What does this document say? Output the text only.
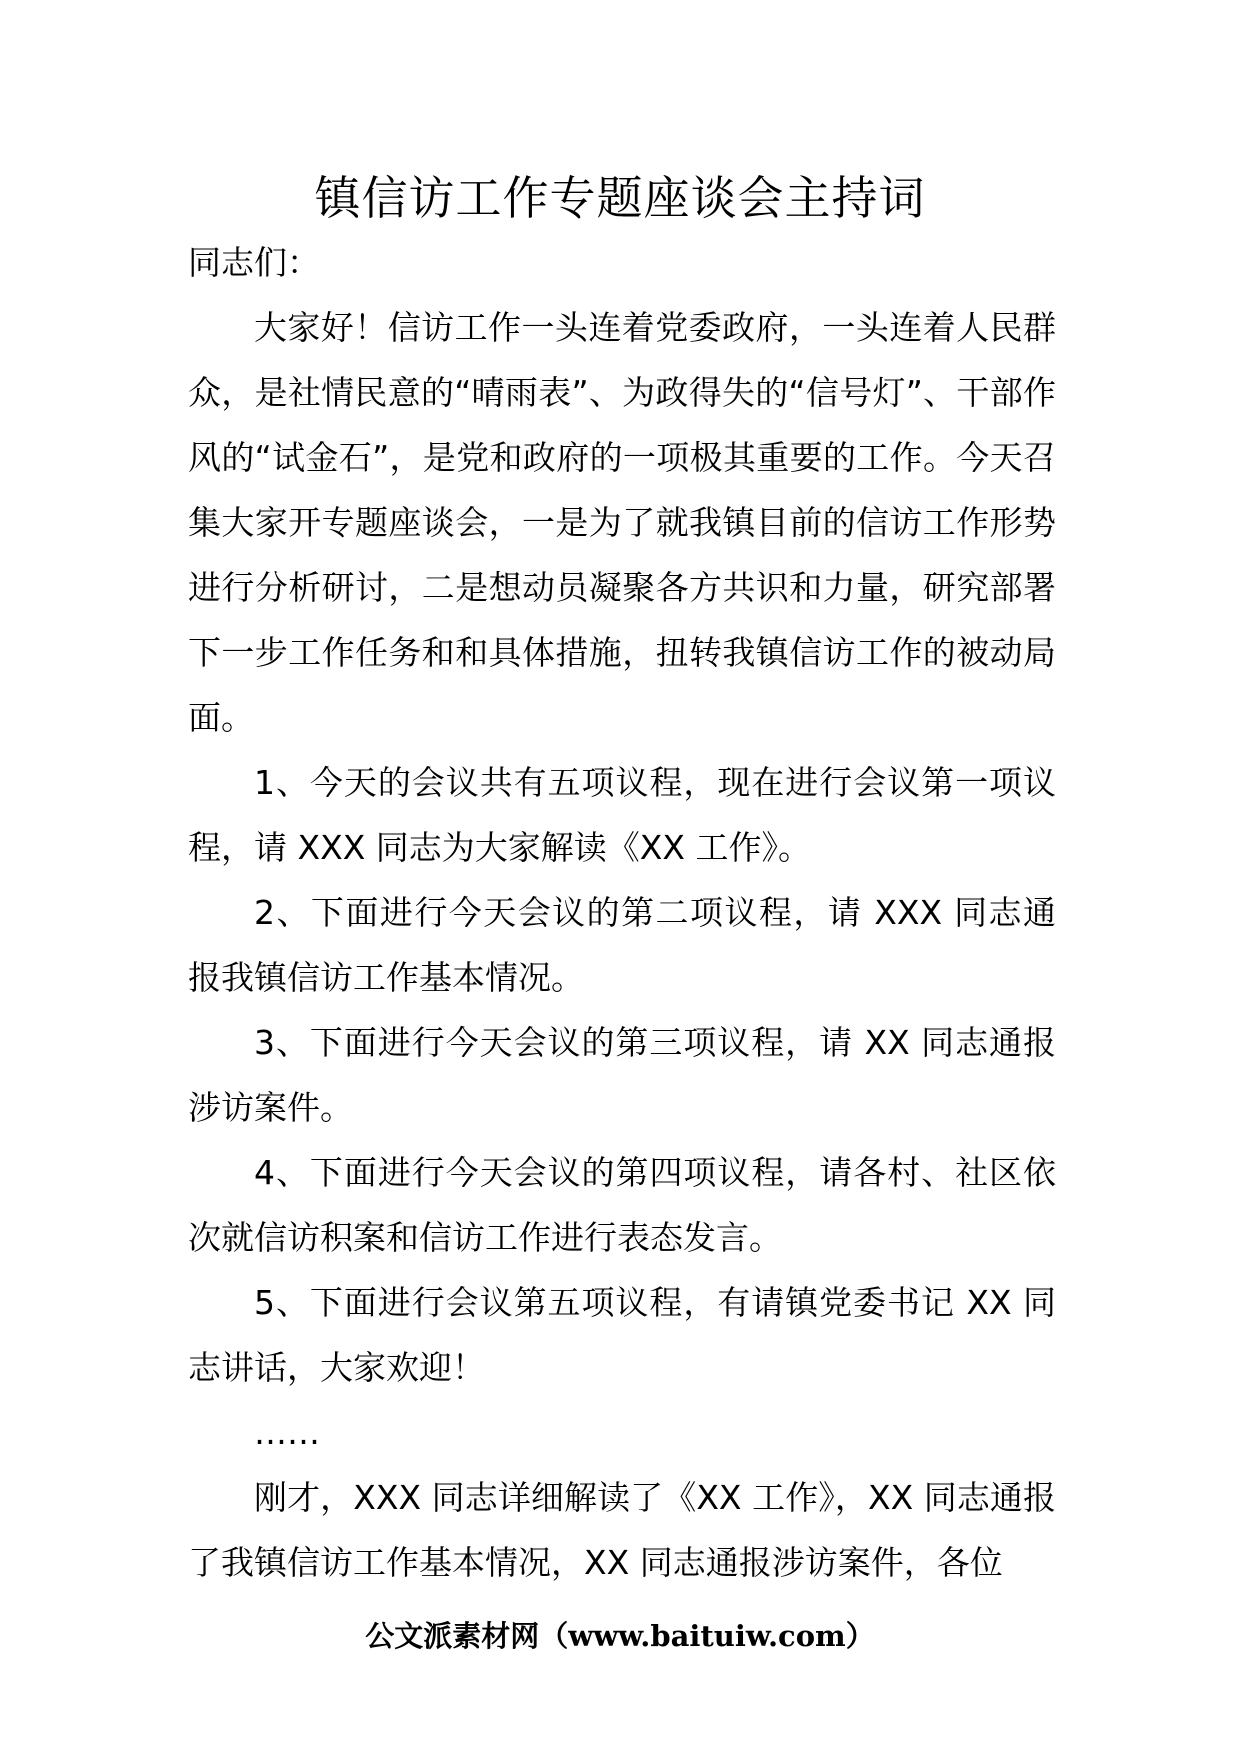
镇信访工作专题座谈会主持词

同志们：

大家好！信访工作一头连着党委政府，一头连着人民群众，是社情民意的“晴雨表”、为政得失的“信号灯”、干部作风的“试金石”，是党和政府的一项极其重要的工作。今天召集大家开专题座谈会，一是为了就我镇目前的信访工作形势进行分析研讨，二是想动员凝聚各方共识和力量，研究部署下一步工作任务和和具体措施，扭转我镇信访工作的被动局面。

1、今天的会议共有五项议程，现在进行会议第一项议程，请 XXX 同志为大家解读《XX 工作》。

2、下面进行今天会议的第二项议程，请 XXX 同志通报我镇信访工作基本情况。

3、下面进行今天会议的第三项议程，请 XX 同志通报涉访案件。

4、下面进行今天会议的第四项议程，请各村、社区依次就信访积案和信访工作进行表态发言。

5、下面进行会议第五项议程，有请镇党委书记 XX 同志讲话，大家欢迎！

……

刚才，XXX 同志详细解读了《XX 工作》，XX 同志通报了我镇信访工作基本情况，XX 同志通报涉访案件，各位

公文派素材网（www.baituiw.com）
